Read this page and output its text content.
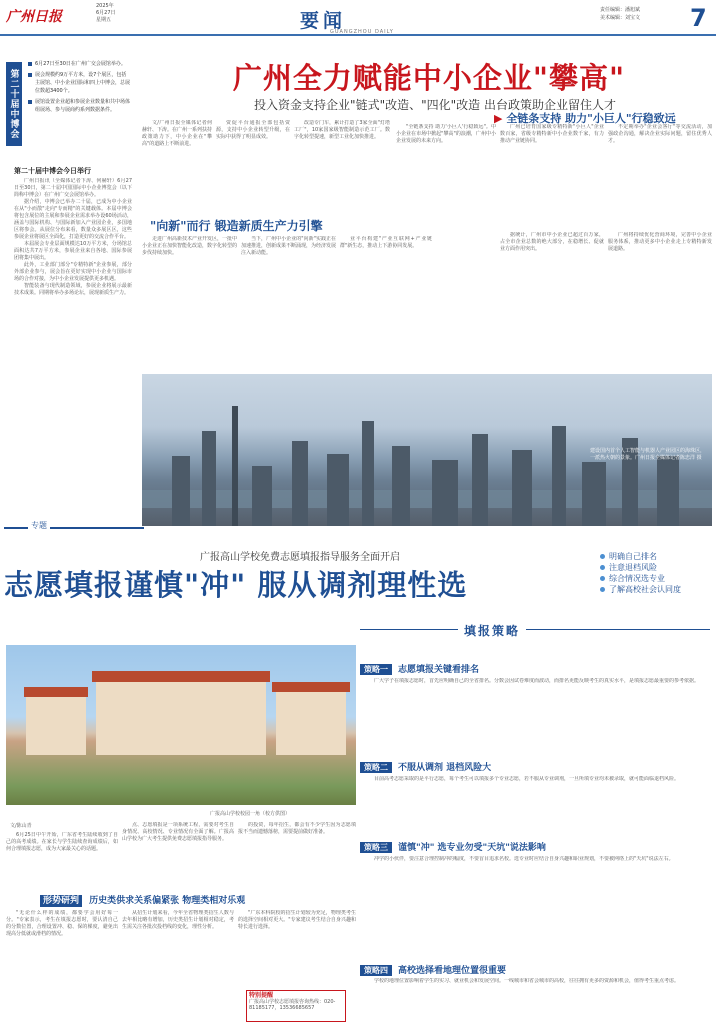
广州日报
2025年
6月27日
星期五	要闻
GUANGZHOU DAILY
责任编辑：潘旭斌
美术编辑：刘宝文 7
第二十届中博会
6月27日至30日在广州广交会展馆举办。
展会规模约9万平方米，设7个展区，包括主展馆、中小企业国际和四上中博会，总展位数超3400个。
展馆设置企业超和参展企业数量和共中场体组展场、参与展商约系列数据条件。
第二十届中博会今日举行

广州日报讯（全媒体记者下涛、何赫轩）6月27日至30日，第二十届中国国际中小企业博览会（以下简称中博会）在广州广交会展馆举办。

据介绍，中博会已举办二十届，已成为中小企业在从"小而散"走向"专而精"的关键载体。本届中博会将包含展位的主展和参展企业需求举办设60场活动，涵盖与国际机构、与国际新加入产业园企业，多国地区将参会。从展位分布来看，数量众多展区区，这些参展企业将展区全面化，打造更好的交流合作平台。

本届展会专业层面规模达10万平方米，分场馆总面积达共7万平方米，参展企业来自各地、国际参展团将集中展出。

此外，工业部门部分"专精特新"企业参展，部分外部企业参与，展会旨在更好实现中小企业与国际市场的合作对接，为中小企业发展提供更多机遇。

智能装备与现代制造领域，参展企业将展示最新技术成果。同期将举办多场论坛，展现新质生产力。

广州全力赋能中小企业"攀高"
投入资金支持企业"链式"改造、"四化"改造 出台政策助企业留住人才

文/广州日报全媒体记者何赫轩、下涛。在广州一系列扶持政策助力下，中小企业在"攀高"的道路上不断前进。

资促平台通报全部包括资源，支持中小企业转型升级，在实际中获得了明显成效。

改造专门车，累计打造了3家全面"灯塔工厂"，10家国家级智能制造示范工厂。数字化转型提速，新型工业化加快推进。

▶ 全链条支持 助力"小巨人"行稳致远

"全链条支持 助力'小巨人'行稳致远"。中小企业在市场中掀起"攀高"的浪潮，广州中小企业发展的未来方向。

广州已培育国家级专精特新"小巨人"企业数百家，省级专精特新中小企业数千家，有力推动产业链协同。

不定期举办"企业会客厅"等交流活动，加强政企沟通，解决企业实际问题，留住优秀人才。

"向新"而行 锻造新质生产力引擎

走进广州高新技术产业开发区，一批中小企业正在加快智能化改造，数字化转型的步伐持续加快。

当下，广州中小企业的"向新"实践正在加速推进，创新成果不断涌现，为经济发展注入新动能。

业平台构建"产业互联网+产业链群"新生态，推动上下游协同发展。

据统计，广州市中小企业已超过百万家，占全市企业总数的绝大部分，在稳增长、促就业方面作用突出。

广州将持续优化营商环境，完善中小企业服务体系，推动更多中小企业走上专精特新发展道路。

建设国内首个人工智能与机器人产业园区的海珠区，一派热火朝的景象。广州日报全媒体记者陈忠洋 摄
专题
广报高山学校免费志愿填报指导服务全面开启
志愿填报谨慎"冲" 服从调剂理性选
明确自己排名
注意退档风险
综合情况选专业
了解高校社会认同度
填报策略
广报高山学校校园一角（校方供图）
文/陈山青

6月25日中午开始，广东省考生陆续收到了自己的高考成绩。在家长与学生陆续查询成绩后，如何合理填报志愿，成为大家最关心的话题。

点、志愿填报是一项系统工程，需要对考生自身情况、高校情况、专业情况有全面了解。广报高山学校为广大考生提供免费志愿填报指导服务。

的投资，每年招生，都会有不少学生因为志愿填报不当而遗憾落榜，需要提前做好准备。

形势研判 历史类供求关系偏紧张 物理类相对乐观

"无论什么样的成绩，都要学会用好每一分。"专家表示，考生在填报志愿时，要认清自己的分数位置，合理设置冲、稳、保的梯度，避免出现高分低就或滑档的情况。

从招生计划来看，今年全省物理类招生人数与去年相比略有增加，历史类招生计划相对稳定，考生需关注各批次投档线的变化，理性分析。

"广东本科院校的招生计划较为充足，物理类考生的选择空间相对更大。"专家建议考生结合自身兴趣和特长进行选择。

特别提醒
广报高山学校志愿填报咨询热线：020-81185177，13536685657
策略一 志愿填报关键看排名

广大学子在填报志愿时，首先应明确自己的全省排名。分数会因试卷难度而波动，而排名更能反映考生的真实水平，是填报志愿最重要的参考依据。

策略二 不服从调剂 退档风险大

目前高考志愿采取的是平行志愿，每个考生可以填报多个专业志愿，若不服从专业调剂，一旦所填专业均未被录取，就可能面临退档风险。

策略三 谨慎"冲" 选专业勿受"天坑"说法影响

冲学的小伙伴，要注意合理控制冲的幅度，不要盲目追求名校。选专业时应结合自身兴趣和职业规划，不要被网络上的"天坑"说法左右。

策略四 高校选择看地理位置很重要

学校的地理位置影响着学生的实习、就业机会和发展空间。一线城市和省会城市的高校，往往拥有更多的资源和机会，值得考生重点考虑。
